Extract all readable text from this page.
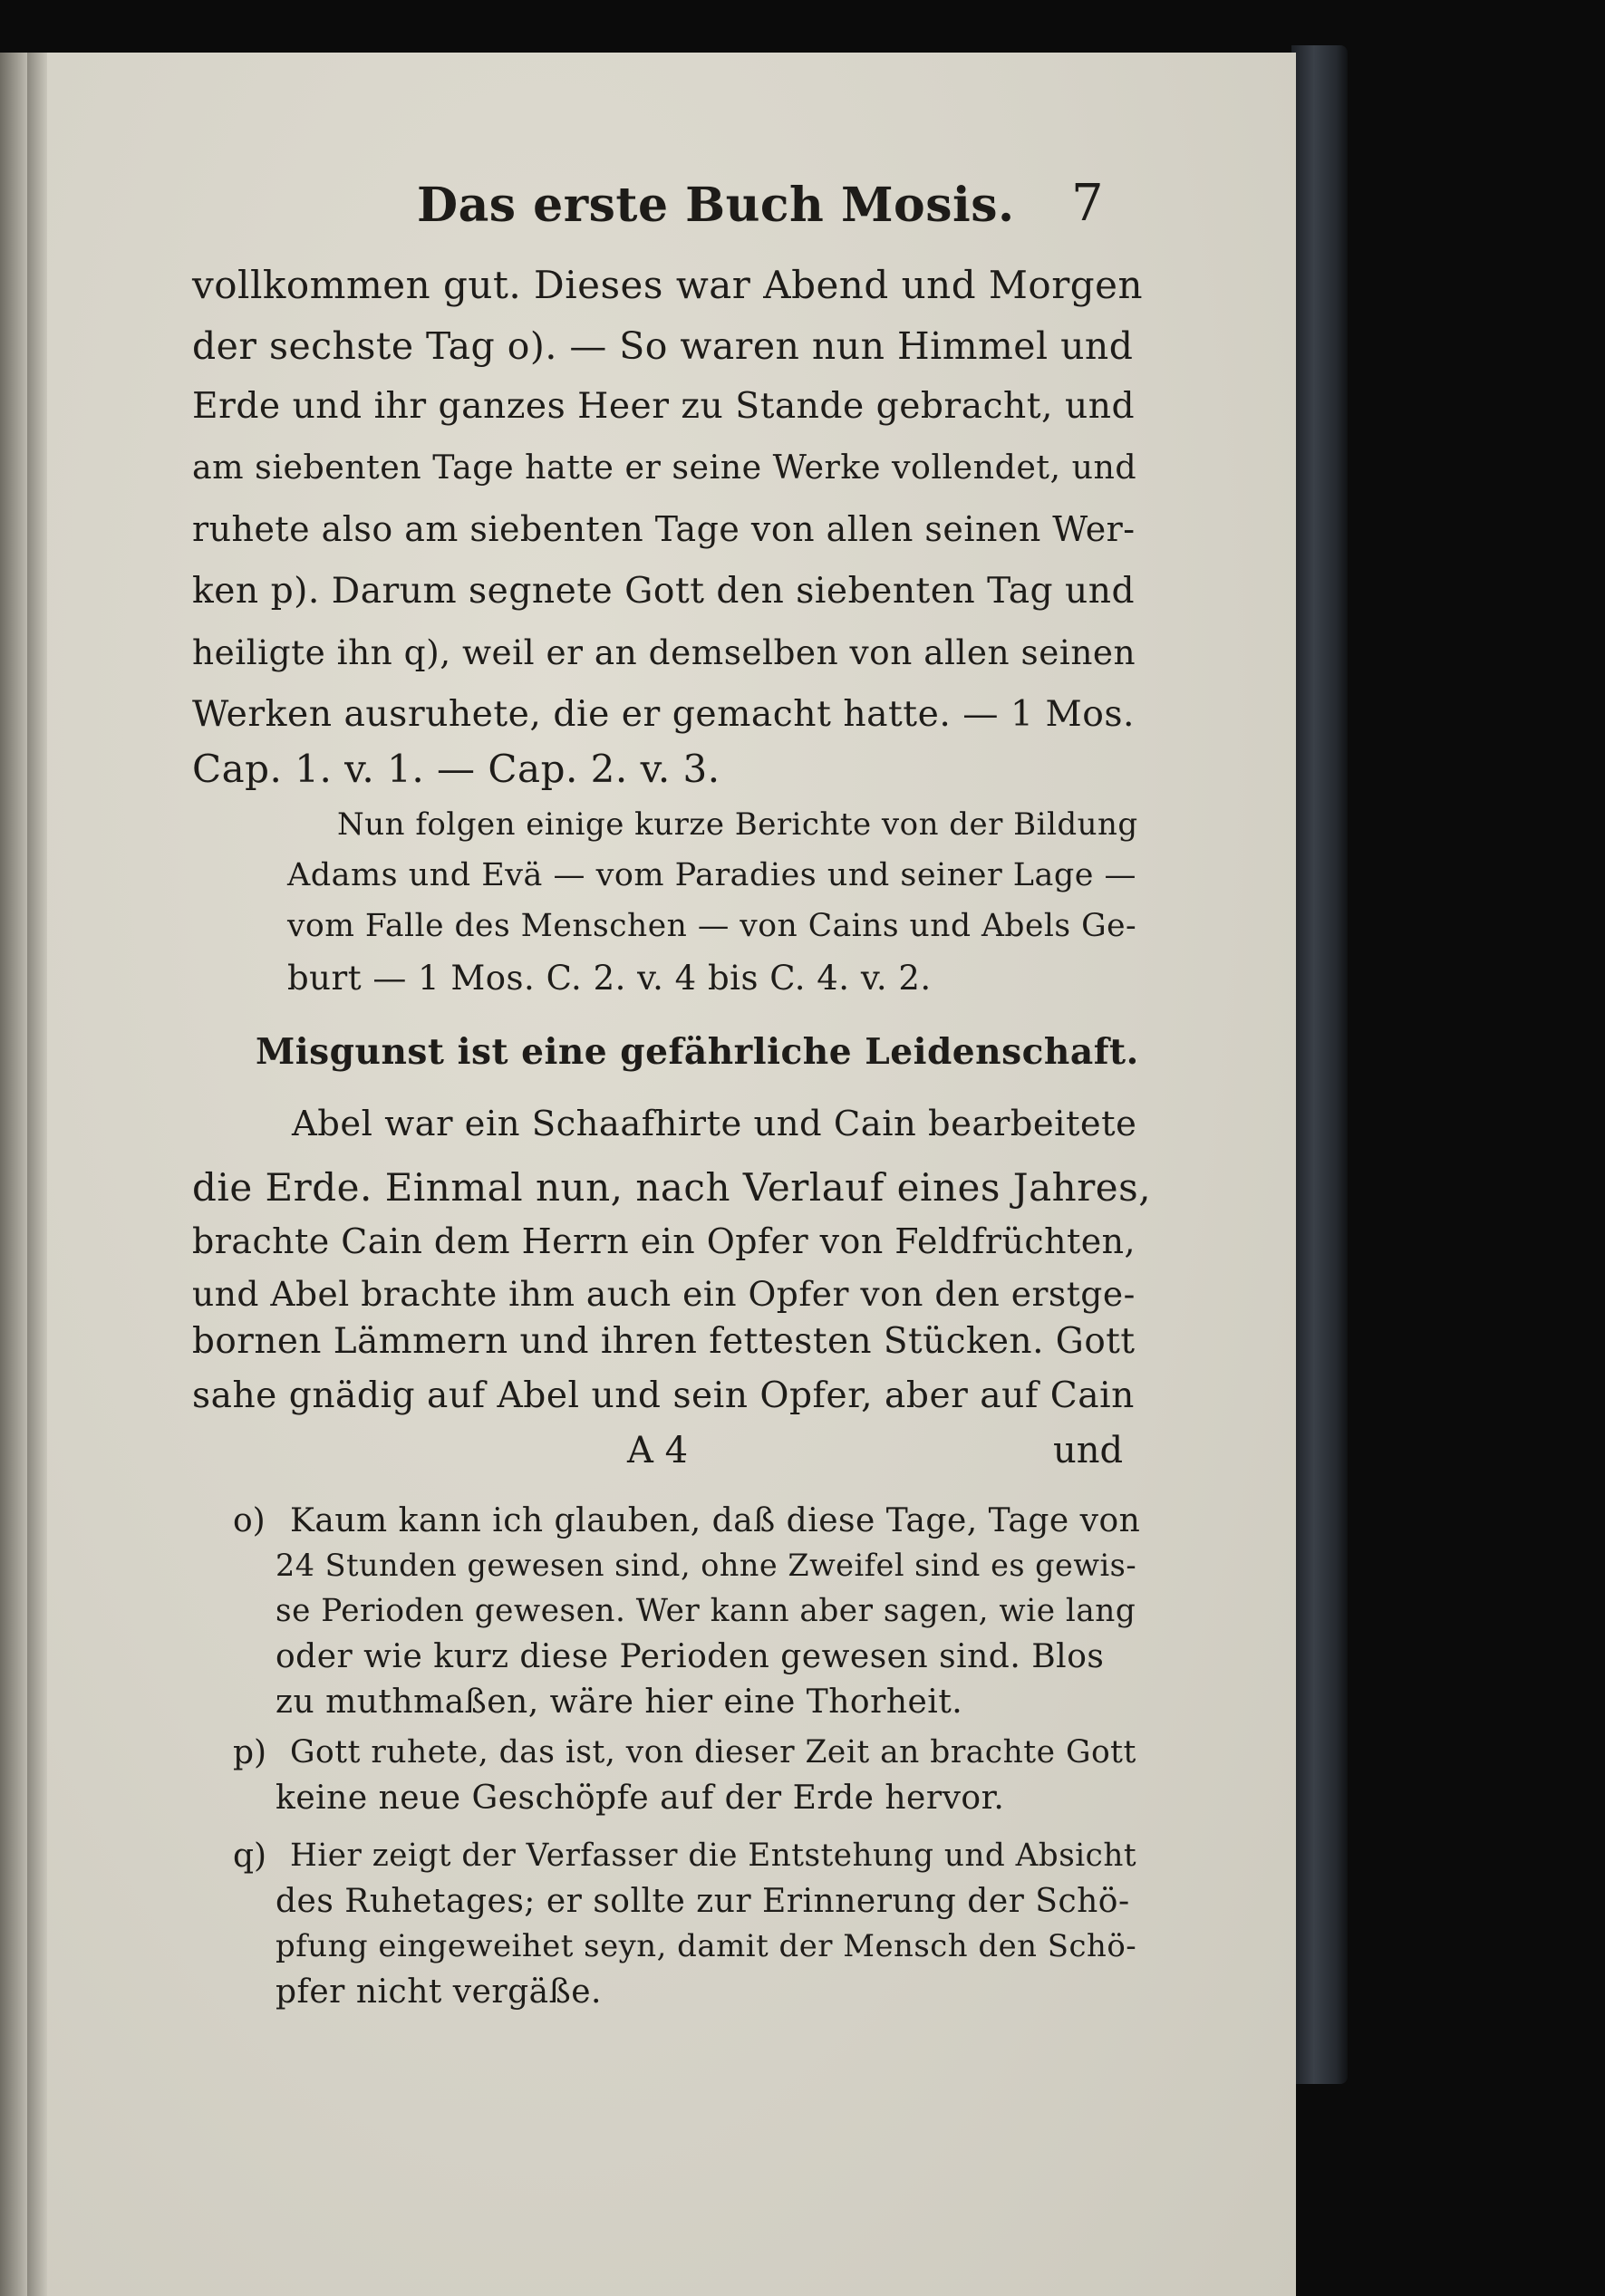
Das erste Buch Mosis. 7
vollkommen gut. Dieses war Abend und Morgen
der sechste Tag o). — So waren nun Himmel und
Erde und ihr ganzes Heer zu Stande gebracht, und
am siebenten Tage hatte er seine Werke vollendet, und
ruhete also am siebenten Tage von allen seinen Wer-
ken p). Darum segnete Gott den siebenten Tag und
heiligte ihn q), weil er an demselben von allen seinen
Werken ausruhete, die er gemacht hatte. — 1 Mos.
Cap. 1. v. 1. — Cap. 2. v. 3.
Nun folgen einige kurze Berichte von der Bildung
Adams und Evä — vom Paradies und seiner Lage —
vom Falle des Menschen — von Cains und Abels Ge-
burt — 1 Mos. C. 2. v. 4 bis C. 4. v. 2.
Misgunst ist eine gefährliche Leidenschaft.
Abel war ein Schaafhirte und Cain bearbeitete
die Erde. Einmal nun, nach Verlauf eines Jahres,
brachte Cain dem Herrn ein Opfer von Feldfrüchten,
und Abel brachte ihm auch ein Opfer von den erstge-
bornen Lämmern und ihren fettesten Stücken. Gott
sahe gnädig auf Abel und sein Opfer, aber auf Cain
A 4	und
o) Kaum kann ich glauben, daß diese Tage, Tage von
24 Stunden gewesen sind, ohne Zweifel sind es gewis-
se Perioden gewesen. Wer kann aber sagen, wie lang
oder wie kurz diese Perioden gewesen sind. Blos
zu muthmaßen, wäre hier eine Thorheit.
p) Gott ruhete, das ist, von dieser Zeit an brachte Gott
keine neue Geschöpfe auf der Erde hervor.
q) Hier zeigt der Verfasser die Entstehung und Absicht
des Ruhetages; er sollte zur Erinnerung der Schö-
pfung eingeweihet seyn, damit der Mensch den Schö-
pfer nicht vergäße.
